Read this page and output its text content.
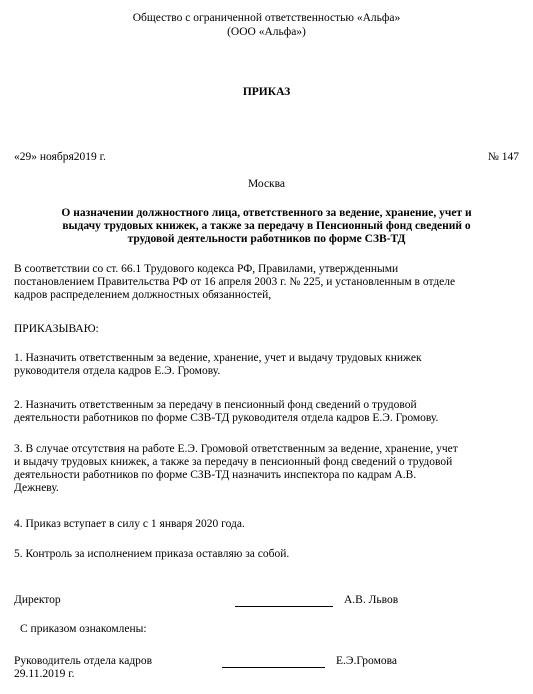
Общество с ограниченной ответственностью «Альфа»
(ООО «Альфа»)
ПРИКАЗ
«29» ноября2019 г.	№ 147
Москва
О назначении должностного лица, ответственного за ведение, хранение, учет и
выдачу трудовых книжек, а также за передачу в Пенсионный фонд сведений о
трудовой деятельности работников по форме СЗВ-ТД
В соответствии со ст. 66.1 Трудового кодекса РФ, Правилами, утвержденными
постановлением Правительства РФ от 16 апреля 2003 г. № 225, и установленным в отделе
кадров распределением должностных обязанностей,
ПРИКАЗЫВАЮ:
1. Назначить ответственным за ведение, хранение, учет и выдачу трудовых книжек
руководителя отдела кадров Е.Э. Громову.
2. Назначить ответственным за передачу в пенсионный фонд сведений о трудовой
деятельности работников по форме СЗВ-ТД руководителя отдела кадров Е.Э. Громову.
3. В случае отсутствия на работе Е.Э. Громовой ответственным за ведение, хранение, учет
и выдачу трудовых книжек, а также за передачу в пенсионный фонд сведений о трудовой
деятельности работников по форме СЗВ-ТД назначить инспектора по кадрам А.В.
Дежневу.
4. Приказ вступает в силу с 1 января 2020 года.
5. Контроль за исполнением приказа оставляю за собой.
Директор	А.В. Львов
С приказом ознакомлены:
Руководитель отдела кадров	Е.Э.Громова
29.11.2019 г.
